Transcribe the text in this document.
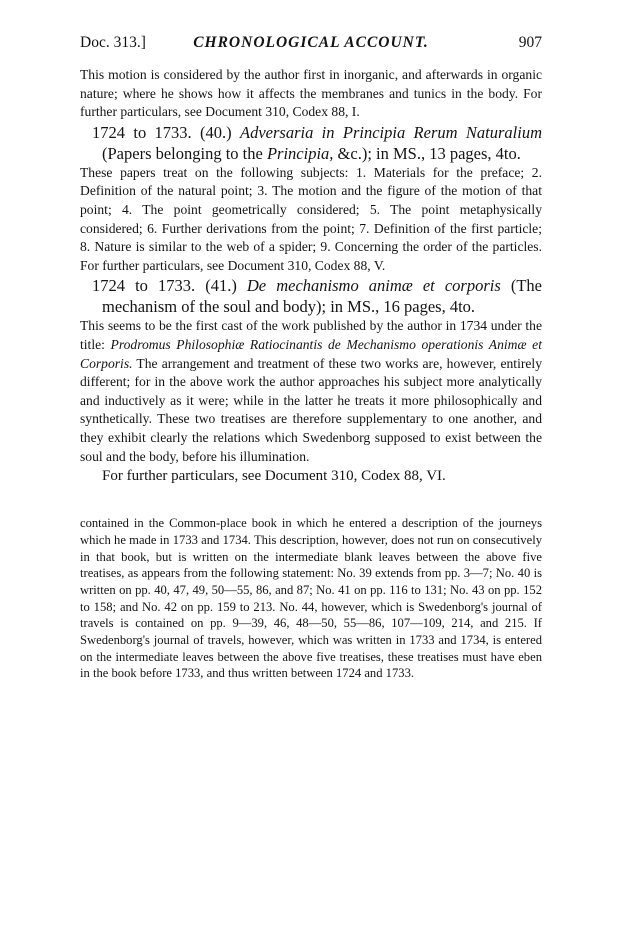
Doc. 313.]	CHRONOLOGICAL ACCOUNT.	907

This motion is considered by the author first in inorganic, and afterwards in organic nature; where he shows how it affects the membranes and tunics in the body. For further particulars, see Document 310, Codex 88, I.

1724 to 1733. (40.) Adversaria in Principia Rerum Naturalium (Papers belonging to the Principia, &c.); in MS., 13 pages, 4to.

These papers treat on the following subjects: 1. Materials for the preface; 2. Definition of the natural point; 3. The motion and the figure of the motion of that point; 4. The point geometrically considered; 5. The point metaphysically considered; 6. Further derivations from the point; 7. Definition of the first particle; 8. Nature is similar to the web of a spider; 9. Concerning the order of the particles. For further particulars, see Document 310, Codex 88, V.

1724 to 1733. (41.) De mechanismo animæ et corporis (The mechanism of the soul and body); in MS., 16 pages, 4to.

This seems to be the first cast of the work published by the author in 1734 under the title: Prodromus Philosophiæ Ratiocinantis de Mechanismo operationis Animæ et Corporis. The arrangement and treatment of these two works are, however, entirely different; for in the above work the author approaches his subject more analytically and inductively as it were; while in the latter he treats it more philosophically and synthetically. These two treatises are therefore supplementary to one another, and they exhibit clearly the relations which Swedenborg supposed to exist between the soul and the body, before his illumination.

For further particulars, see Document 310, Codex 88, VI.

contained in the Common-place book in which he entered a description of the journeys which he made in 1733 and 1734. This description, however, does not run on consecutively in that book, but is written on the intermediate blank leaves between the above five treatises, as appears from the following statement: No. 39 extends from pp. 3—7; No. 40 is written on pp. 40, 47, 49, 50—55, 86, and 87; No. 41 on pp. 116 to 131; No. 43 on pp. 152 to 158; and No. 42 on pp. 159 to 213. No. 44, however, which is Swedenborg's journal of travels is contained on pp. 9—39, 46, 48—50, 55—86, 107—109, 214, and 215. If Swedenborg's journal of travels, however, which was written in 1733 and 1734, is entered on the intermediate leaves between the above five treatises, these treatises must have eben in the book before 1733, and thus written between 1724 and 1733.
